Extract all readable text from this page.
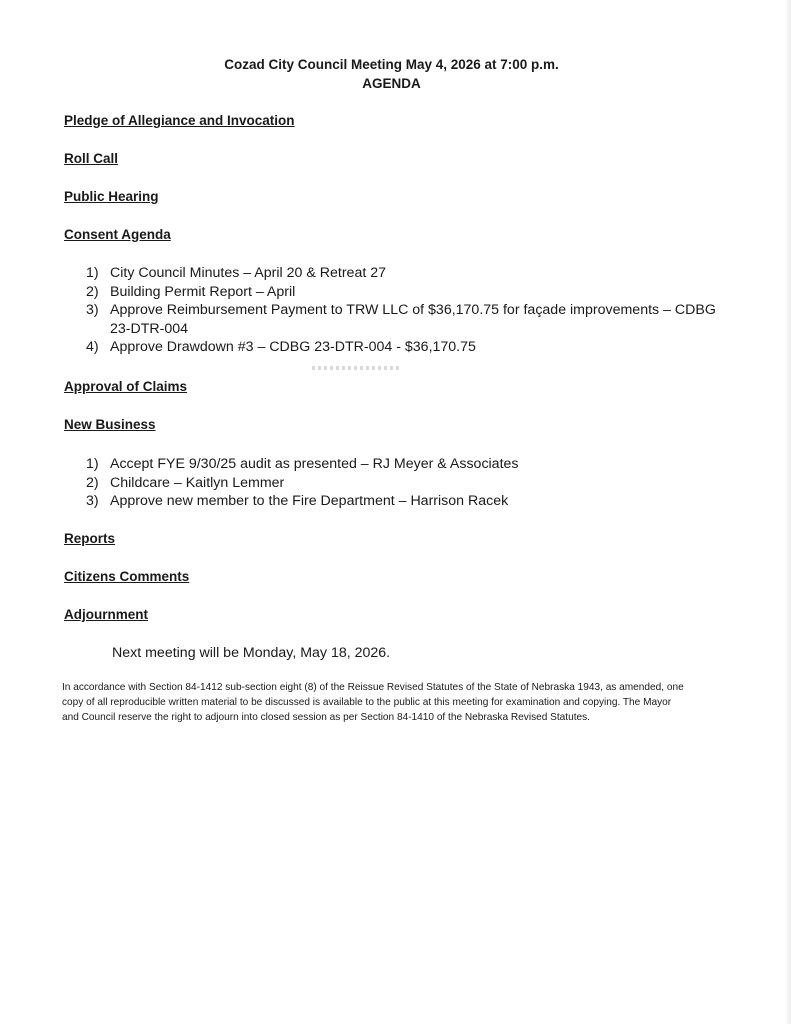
Cozad City Council Meeting May 4, 2026 at 7:00 p.m.
AGENDA
Pledge of Allegiance and Invocation
Roll Call
Public Hearing
Consent Agenda
1) City Council Minutes – April 20 & Retreat 27
2) Building Permit Report – April
3) Approve Reimbursement Payment to TRW LLC of $36,170.75 for façade improvements – CDBG
23-DTR-004
4) Approve Drawdown #3 – CDBG 23-DTR-004 - $36,170.75
Approval of Claims
New Business
1) Accept FYE 9/30/25 audit as presented – RJ Meyer & Associates
2) Childcare – Kaitlyn Lemmer
3) Approve new member to the Fire Department – Harrison Racek
Reports
Citizens Comments
Adjournment
Next meeting will be Monday, May 18, 2026.
In accordance with Section 84-1412 sub-section eight (8) of the Reissue Revised Statutes of the State of Nebraska 1943, as amended, one
copy of all reproducible written material to be discussed is available to the public at this meeting for examination and copying. The Mayor
and Council reserve the right to adjourn into closed session as per Section 84-1410 of the Nebraska Revised Statutes.
